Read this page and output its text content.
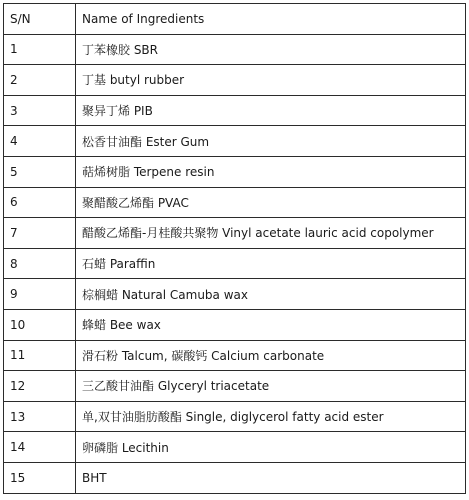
S/N	Name of Ingredients
1	丁苯橡胶 SBR
2	丁基 butyl rubber
3	聚异丁烯 PIB
4	松香甘油酯 Ester Gum
5	萜烯树脂 Terpene resin
6	聚醋酸乙烯酯 PVAC
7	醋酸乙烯酯-月桂酸共聚物 Vinyl acetate lauric acid copolymer
8	石蜡 Paraffin
9	棕榈蜡 Natural Camuba wax
10	蜂蜡 Bee wax
11	滑石粉 Talcum, 碳酸钙 Calcium carbonate
12	三乙酸甘油酯 Glyceryl triacetate
13	单,双甘油脂肪酸酯 Single, diglycerol fatty acid ester
14	卵磷脂 Lecithin
15	BHT
